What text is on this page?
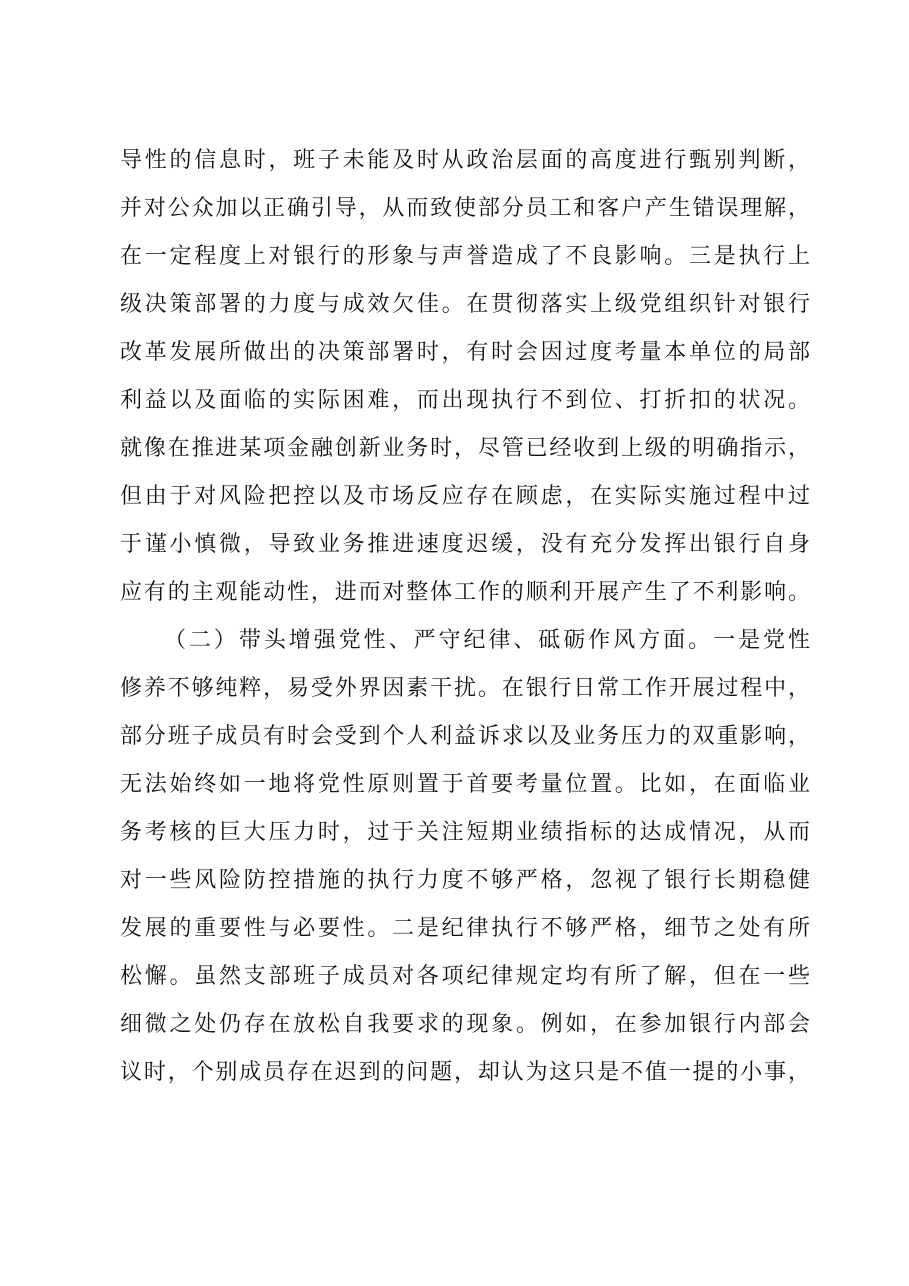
导性的信息时，班子未能及时从政治层面的高度进行甄别判断，
并对公众加以正确引导，从而致使部分员工和客户产生错误理解，
在一定程度上对银行的形象与声誉造成了不良影响。三是执行上
级决策部署的力度与成效欠佳。在贯彻落实上级党组织针对银行
改革发展所做出的决策部署时，有时会因过度考量本单位的局部
利益以及面临的实际困难，而出现执行不到位、打折扣的状况。
就像在推进某项金融创新业务时，尽管已经收到上级的明确指示，
但由于对风险把控以及市场反应存在顾虑，在实际实施过程中过
于谨小慎微，导致业务推进速度迟缓，没有充分发挥出银行自身
应有的主观能动性，进而对整体工作的顺利开展产生了不利影响。
（二）带头增强党性、严守纪律、砥砺作风方面。一是党性
修养不够纯粹，易受外界因素干扰。在银行日常工作开展过程中，
部分班子成员有时会受到个人利益诉求以及业务压力的双重影响，
无法始终如一地将党性原则置于首要考量位置。比如，在面临业
务考核的巨大压力时，过于关注短期业绩指标的达成情况，从而
对一些风险防控措施的执行力度不够严格，忽视了银行长期稳健
发展的重要性与必要性。二是纪律执行不够严格，细节之处有所
松懈。虽然支部班子成员对各项纪律规定均有所了解，但在一些
细微之处仍存在放松自我要求的现象。例如，在参加银行内部会
议时，个别成员存在迟到的问题，却认为这只是不值一提的小事，
